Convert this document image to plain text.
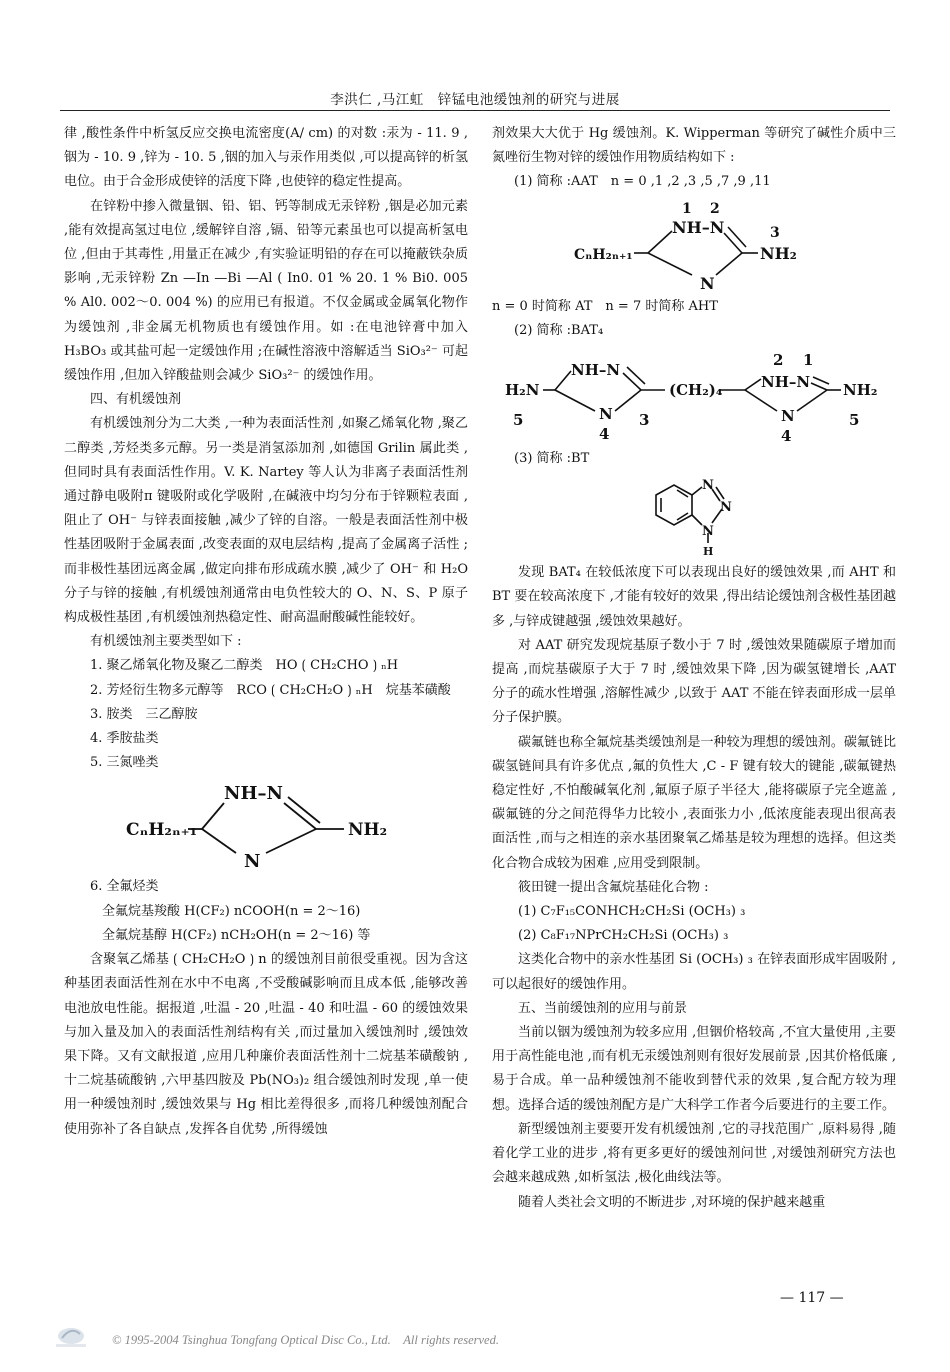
李洪仁 ,马江虹　锌锰电池缓蚀剂的研究与进展

律 ,酸性条件中析氢反应交换电流密度(A/ cm) 的对数 :汞为 - 11. 9 ,铟为 - 10. 9 ,锌为 - 10. 5 ,铟的加入与汞作用类似 ,可以提高锌的析氢电位。由于合金形成使锌的活度下降 ,也使锌的稳定性提高。

在锌粉中掺入微量铟、铅、铝、钙等制成无汞锌粉 ,铟是必加元素 ,能有效提高氢过电位 ,缓解锌自溶 ,镉、铅等元素虽也可以提高析氢电位 ,但由于其毒性 ,用量正在减少 ,有实验证明铅的存在可以掩蔽铁杂质影响 ,无汞锌粉 Zn —In —Bi —Al ( In0. 01 % 20. 1 % Bi0. 005 % Al0. 002～0. 004 %) 的应用已有报道。不仅金属或金属氧化物作为缓蚀剂 ,非金属无机物质也有缓蚀作用。如 :在电池锌膏中加入 H₃BO₃ 或其盐可起一定缓蚀作用 ;在碱性溶液中溶解适当 SiO₃²⁻ 可起缓蚀作用 ,但加入锌酸盐则会减少 SiO₃²⁻ 的缓蚀作用。

四、有机缓蚀剂

有机缓蚀剂分为二大类 ,一种为表面活性剂 ,如聚乙烯氧化物 ,聚乙二醇类 ,芳烃类多元醇。另一类是消氢添加剂 ,如德国 Grilin 属此类 ,但同时具有表面活性作用。V. K. Nartey 等人认为非离子表面活性剂通过静电吸附π 键吸附或化学吸附 ,在碱液中均匀分布于锌颗粒表面 ,阻止了 OH⁻ 与锌表面接触 ,减少了锌的自溶。一般是表面活性剂中极性基团吸附于金属表面 ,改变表面的双电层结构 ,提高了金属离子活性 ;而非极性基团远离金属 ,做定向排布形成疏水膜 ,减少了 OH⁻ 和 H₂O 分子与锌的接触 ,有机缓蚀剂通常由电负性较大的 O、N、S、P 原子构成极性基团 ,有机缓蚀剂热稳定性、耐高温耐酸碱性能较好。

有机缓蚀剂主要类型如下 :

1. 聚乙烯氧化物及聚乙二醇类　HO ⟮ CH₂CHO ⟯ ₙH

2. 芳烃衍生物多元醇等　RCO ⟮ CH₂CH₂O ⟯ ₙH　烷基苯磺酸

3. 胺类　三乙醇胺

4. 季胺盐类

5. 三氮唑类

CₙH₂ₙ₊₁
NH–N
N
NH₂

6. 全氟烃类

全氟烷基羧酸 H(CF₂) nCOOH(n = 2～16)

全氟烷基醇 H(CF₂) nCH₂OH(n = 2～16) 等

含聚氧乙烯基 ⟮ CH₂CH₂O ⟯ n 的缓蚀剂目前很受重视。因为含这种基团表面活性剂在水中不电离 ,不受酸碱影响而且成本低 ,能够改善电池放电性能。据报道 ,吐温 - 20 ,吐温 - 40 和吐温 - 60 的缓蚀效果与加入量及加入的表面活性剂结构有关 ,而过量加入缓蚀剂时 ,缓蚀效果下降。又有文献报道 ,应用几种廉价表面活性剂十二烷基苯磺酸钠 ,十二烷基硫酸钠 ,六甲基四胺及 Pb(NO₃)₂ 组合缓蚀剂时发现 ,单一使用一种缓蚀剂时 ,缓蚀效果与 Hg 相比差得很多 ,而将几种缓蚀剂配合使用弥补了各自缺点 ,发挥各自优势 ,所得缓蚀

剂效果大大优于 Hg 缓蚀剂。K. Wipperman 等研究了碱性介质中三氮唑衍生物对锌的缓蚀作用物质结构如下 :

(1) 简称 :AAT　n = 0 ,1 ,2 ,3 ,5 ,7 ,9 ,11

1 2
3
NH–N
CₙH₂ₙ₊₁
N
NH₂

n = 0 时简称 AT　n = 7 时简称 AHT

(2) 简称 :BAT₄

H₂N
5
NH–N
N
4
3
(CH₂)₄
2 1
NH–N
N
4
NH₂
5

(3) 简称 :BT

N
N
N
H

发现 BAT₄ 在较低浓度下可以表现出良好的缓蚀效果 ,而 AHT 和 BT 要在较高浓度下 ,才能有较好的效果 ,得出结论缓蚀剂含极性基团越多 ,与锌成键越强 ,缓蚀效果越好。

对 AAT 研究发现烷基原子数小于 7 时 ,缓蚀效果随碳原子增加而提高 ,而烷基碳原子大于 7 时 ,缓蚀效果下降 ,因为碳氢键增长 ,AAT 分子的疏水性增强 ,溶解性减少 ,以致于 AAT 不能在锌表面形成一层单分子保护膜。

碳氟链也称全氟烷基类缓蚀剂是一种较为理想的缓蚀剂。碳氟链比碳氢链间具有许多优点 ,氟的负性大 ,C - F 键有较大的键能 ,碳氟键热稳定性好 ,不怕酸碱氧化剂 ,氟原子原子半径大 ,能将碳原子完全遮盖 ,碳氟链的分之间范得华力比较小 ,表面张力小 ,低浓度能表现出很高表面活性 ,而与之相连的亲水基团聚氧乙烯基是较为理想的选择。但这类化合物合成较为困难 ,应用受到限制。

筱田键一提出含氟烷基硅化合物 :

(1) C₇F₁₅CONHCH₂CH₂Si (OCH₃) ₃

(2) C₈F₁₇NPrCH₂CH₂Si (OCH₃) ₃

这类化合物中的亲水性基团 Si (OCH₃) ₃ 在锌表面形成牢固吸附 ,可以起很好的缓蚀作用。

五、当前缓蚀剂的应用与前景

当前以铟为缓蚀剂为较多应用 ,但铟价格较高 ,不宜大量使用 ,主要用于高性能电池 ,而有机无汞缓蚀剂则有很好发展前景 ,因其价格低廉 ,易于合成。单一品种缓蚀剂不能收到替代汞的效果 ,复合配方较为理想。选择合适的缓蚀剂配方是广大科学工作者今后要进行的主要工作。

新型缓蚀剂主要要开发有机缓蚀剂 ,它的寻找范围广 ,原料易得 ,随着化学工业的进步 ,将有更多更好的缓蚀剂问世 ,对缓蚀剂研究方法也会越来越成熟 ,如析氢法 ,极化曲线法等。

随着人类社会文明的不断进步 ,对环境的保护越来越重

— 117 —
© 1995-2004 Tsinghua Tongfang Optical Disc Co., Ltd.　All rights reserved.
